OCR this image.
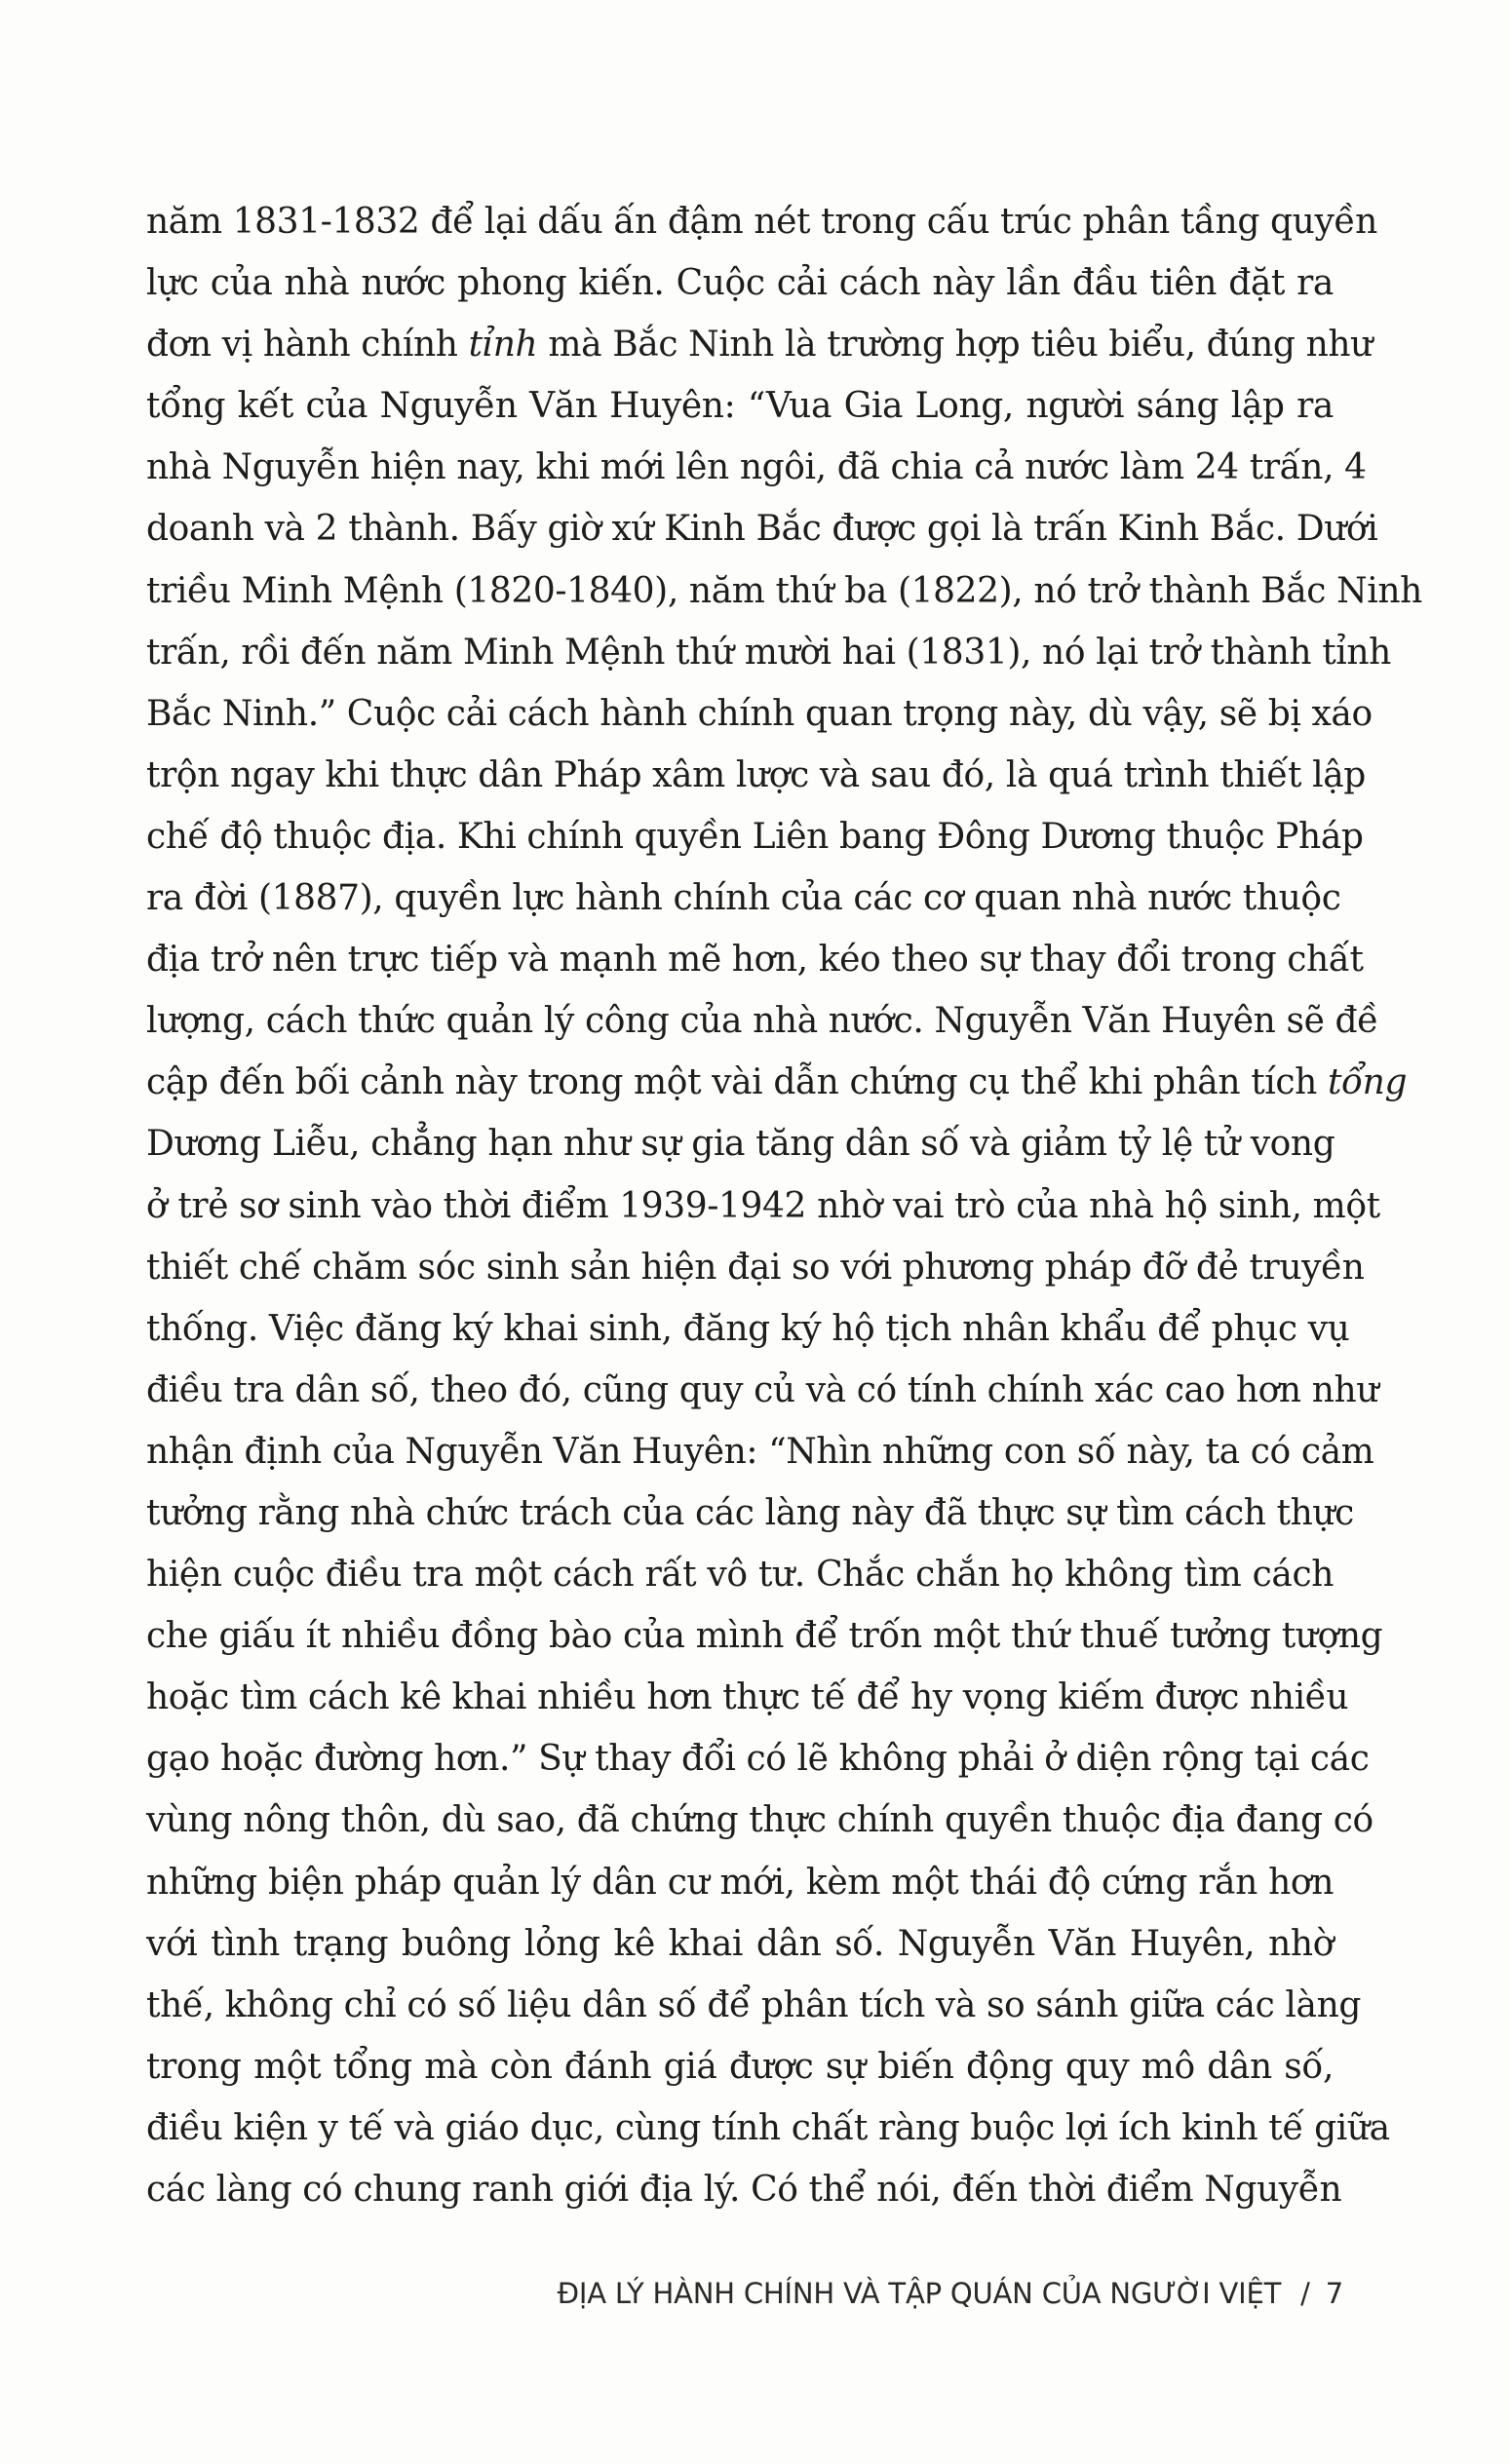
năm 1831-1832 để lại dấu ấn đậm nét trong cấu trúc phân tầng quyền
lực của nhà nước phong kiến. Cuộc cải cách này lần đầu tiên đặt ra
đơn vị hành chính tỉnh mà Bắc Ninh là trường hợp tiêu biểu, đúng như
tổng kết của Nguyễn Văn Huyên: “Vua Gia Long, người sáng lập ra
nhà Nguyễn hiện nay, khi mới lên ngôi, đã chia cả nước làm 24 trấn, 4
doanh và 2 thành. Bấy giờ xứ Kinh Bắc được gọi là trấn Kinh Bắc. Dưới
triều Minh Mệnh (1820-1840), năm thứ ba (1822), nó trở thành Bắc Ninh
trấn, rồi đến năm Minh Mệnh thứ mười hai (1831), nó lại trở thành tỉnh
Bắc Ninh.” Cuộc cải cách hành chính quan trọng này, dù vậy, sẽ bị xáo
trộn ngay khi thực dân Pháp xâm lược và sau đó, là quá trình thiết lập
chế độ thuộc địa. Khi chính quyền Liên bang Đông Dương thuộc Pháp
ra đời (1887), quyền lực hành chính của các cơ quan nhà nước thuộc
địa trở nên trực tiếp và mạnh mẽ hơn, kéo theo sự thay đổi trong chất
lượng, cách thức quản lý công của nhà nước. Nguyễn Văn Huyên sẽ đề
cập đến bối cảnh này trong một vài dẫn chứng cụ thể khi phân tích tổng
Dương Liễu, chẳng hạn như sự gia tăng dân số và giảm tỷ lệ tử vong
ở trẻ sơ sinh vào thời điểm 1939-1942 nhờ vai trò của nhà hộ sinh, một
thiết chế chăm sóc sinh sản hiện đại so với phương pháp đỡ đẻ truyền
thống. Việc đăng ký khai sinh, đăng ký hộ tịch nhân khẩu để phục vụ
điều tra dân số, theo đó, cũng quy củ và có tính chính xác cao hơn như
nhận định của Nguyễn Văn Huyên: “Nhìn những con số này, ta có cảm
tưởng rằng nhà chức trách của các làng này đã thực sự tìm cách thực
hiện cuộc điều tra một cách rất vô tư. Chắc chắn họ không tìm cách
che giấu ít nhiều đồng bào của mình để trốn một thứ thuế tưởng tượng
hoặc tìm cách kê khai nhiều hơn thực tế để hy vọng kiếm được nhiều
gạo hoặc đường hơn.” Sự thay đổi có lẽ không phải ở diện rộng tại các
vùng nông thôn, dù sao, đã chứng thực chính quyền thuộc địa đang có
những biện pháp quản lý dân cư mới, kèm một thái độ cứng rắn hơn
với tình trạng buông lỏng kê khai dân số. Nguyễn Văn Huyên, nhờ
thế, không chỉ có số liệu dân số để phân tích và so sánh giữa các làng
trong một tổng mà còn đánh giá được sự biến động quy mô dân số,
điều kiện y tế và giáo dục, cùng tính chất ràng buộc lợi ích kinh tế giữa
các làng có chung ranh giới địa lý. Có thể nói, đến thời điểm Nguyễn
ĐỊA LÝ HÀNH CHÍNH VÀ TẬP QUÁN CỦA NGƯỜI VIỆT / 7
